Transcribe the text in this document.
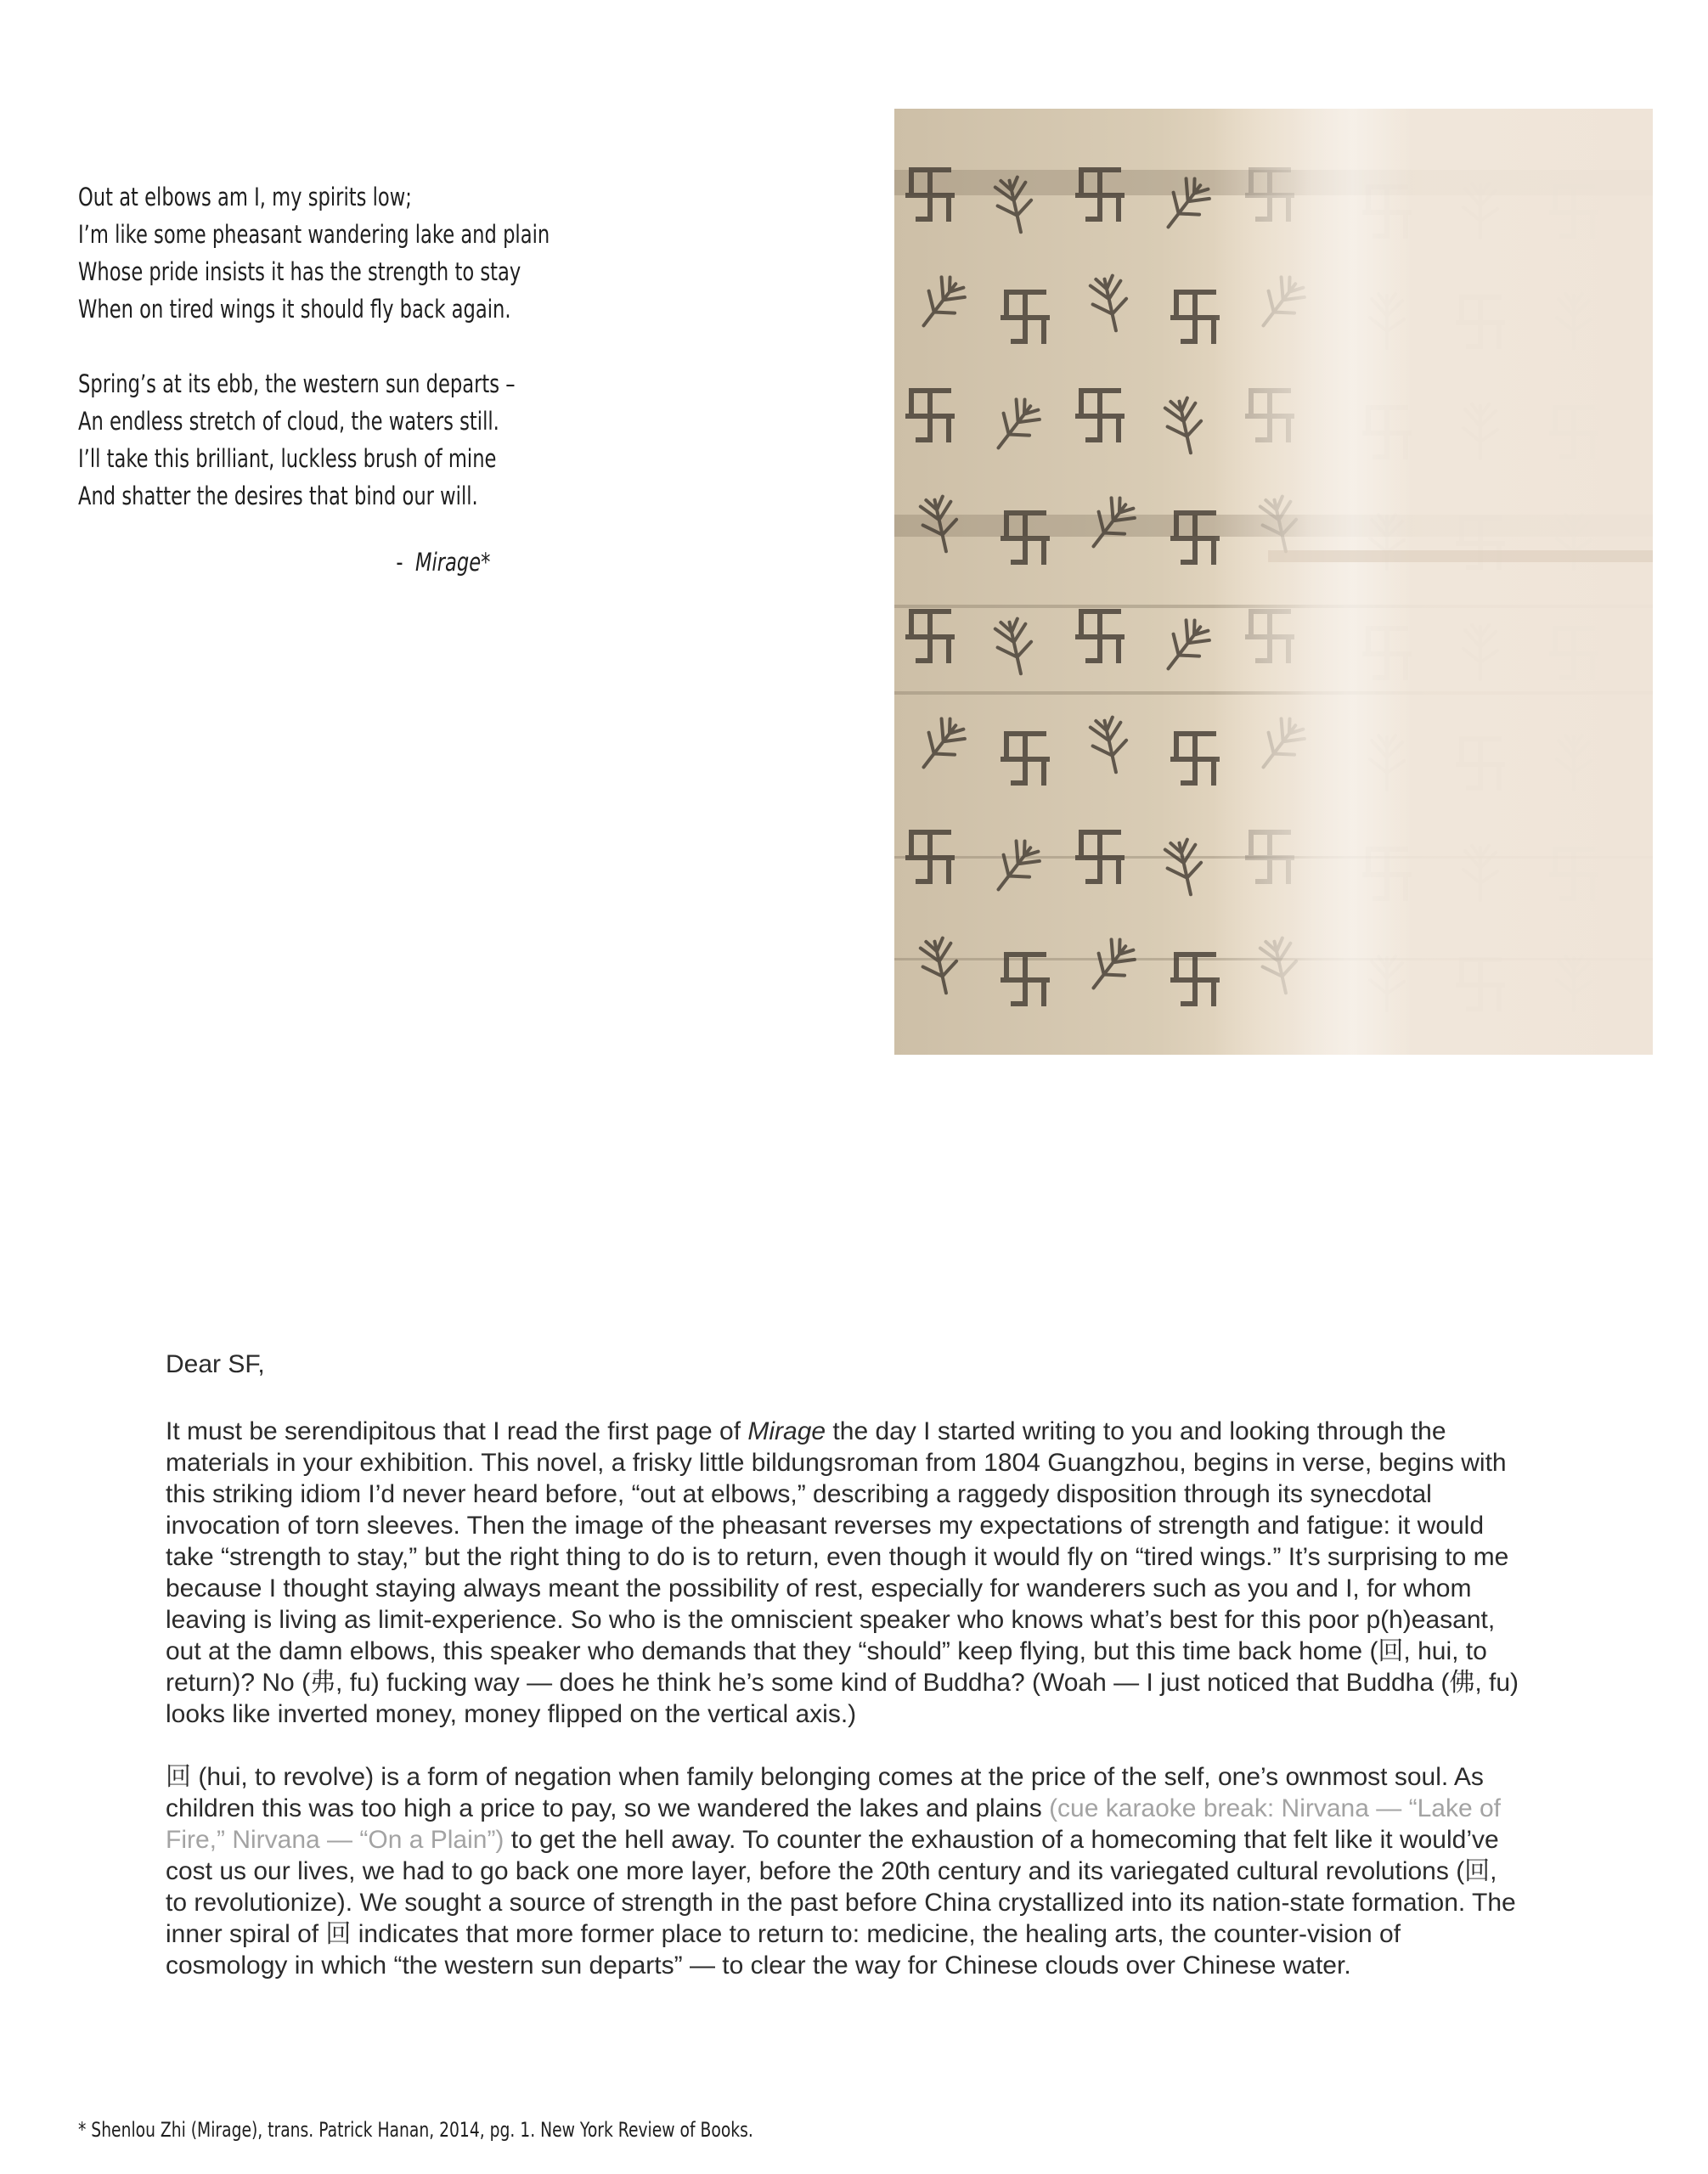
Out at elbows am I, my spirits low;
I’m like some pheasant wandering lake and plain
Whose pride insists it has the strength to stay
When on tired wings it should fly back again.
Spring’s at its ebb, the western sun departs –
An endless stretch of cloud, the waters still.
I’ll take this brilliant, luckless brush of mine
And shatter the desires that bind our will.
- Mirage*

Dear SF,

It must be serendipitous that I read the first page of Mirage the day I started writing to you and looking through the materials in your exhibition. This novel, a frisky little bildungsroman from 1804 Guangzhou, begins in verse, begins with this striking idiom I’d never heard before, “out at elbows,” describing a raggedy disposition through its synecdotal invocation of torn sleeves. Then the image of the pheasant reverses my expectations of strength and fatigue: it would take “strength to stay,” but the right thing to do is to return, even though it would fly on “tired wings.” It’s surprising to me because I thought staying always meant the possibility of rest, especially for wanderers such as you and I, for whom leaving is living as limit-experience. So who is the omniscient speaker who knows what’s best for this poor p(h)easant, out at the damn elbows, this speaker who demands that they “should” keep flying, but this time back home (回, hui, to return)? No (弗, fu) fucking way — does he think he’s some kind of Buddha? (Woah — I just noticed that Buddha (佛, fu) looks like inverted money, money flipped on the vertical axis.)

回 (hui, to revolve) is a form of negation when family belonging comes at the price of the self, one’s ownmost soul. As children this was too high a price to pay, so we wandered the lakes and plains (cue karaoke break: Nirvana — “Lake of Fire,” Nirvana — “On a Plain”) to get the hell away. To counter the exhaustion of a homecoming that felt like it would’ve cost us our lives, we had to go back one more layer, before the 20th century and its variegated cultural revolutions (回, to revolutionize). We sought a source of strength in the past before China crystallized into its nation-state formation. The inner spiral of 回 indicates that more former place to return to: medicine, the healing arts, the counter-vision of cosmology in which “the western sun departs” — to clear the way for Chinese clouds over Chinese water.

* Shenlou Zhi (Mirage), trans. Patrick Hanan, 2014, pg. 1. New York Review of Books.
